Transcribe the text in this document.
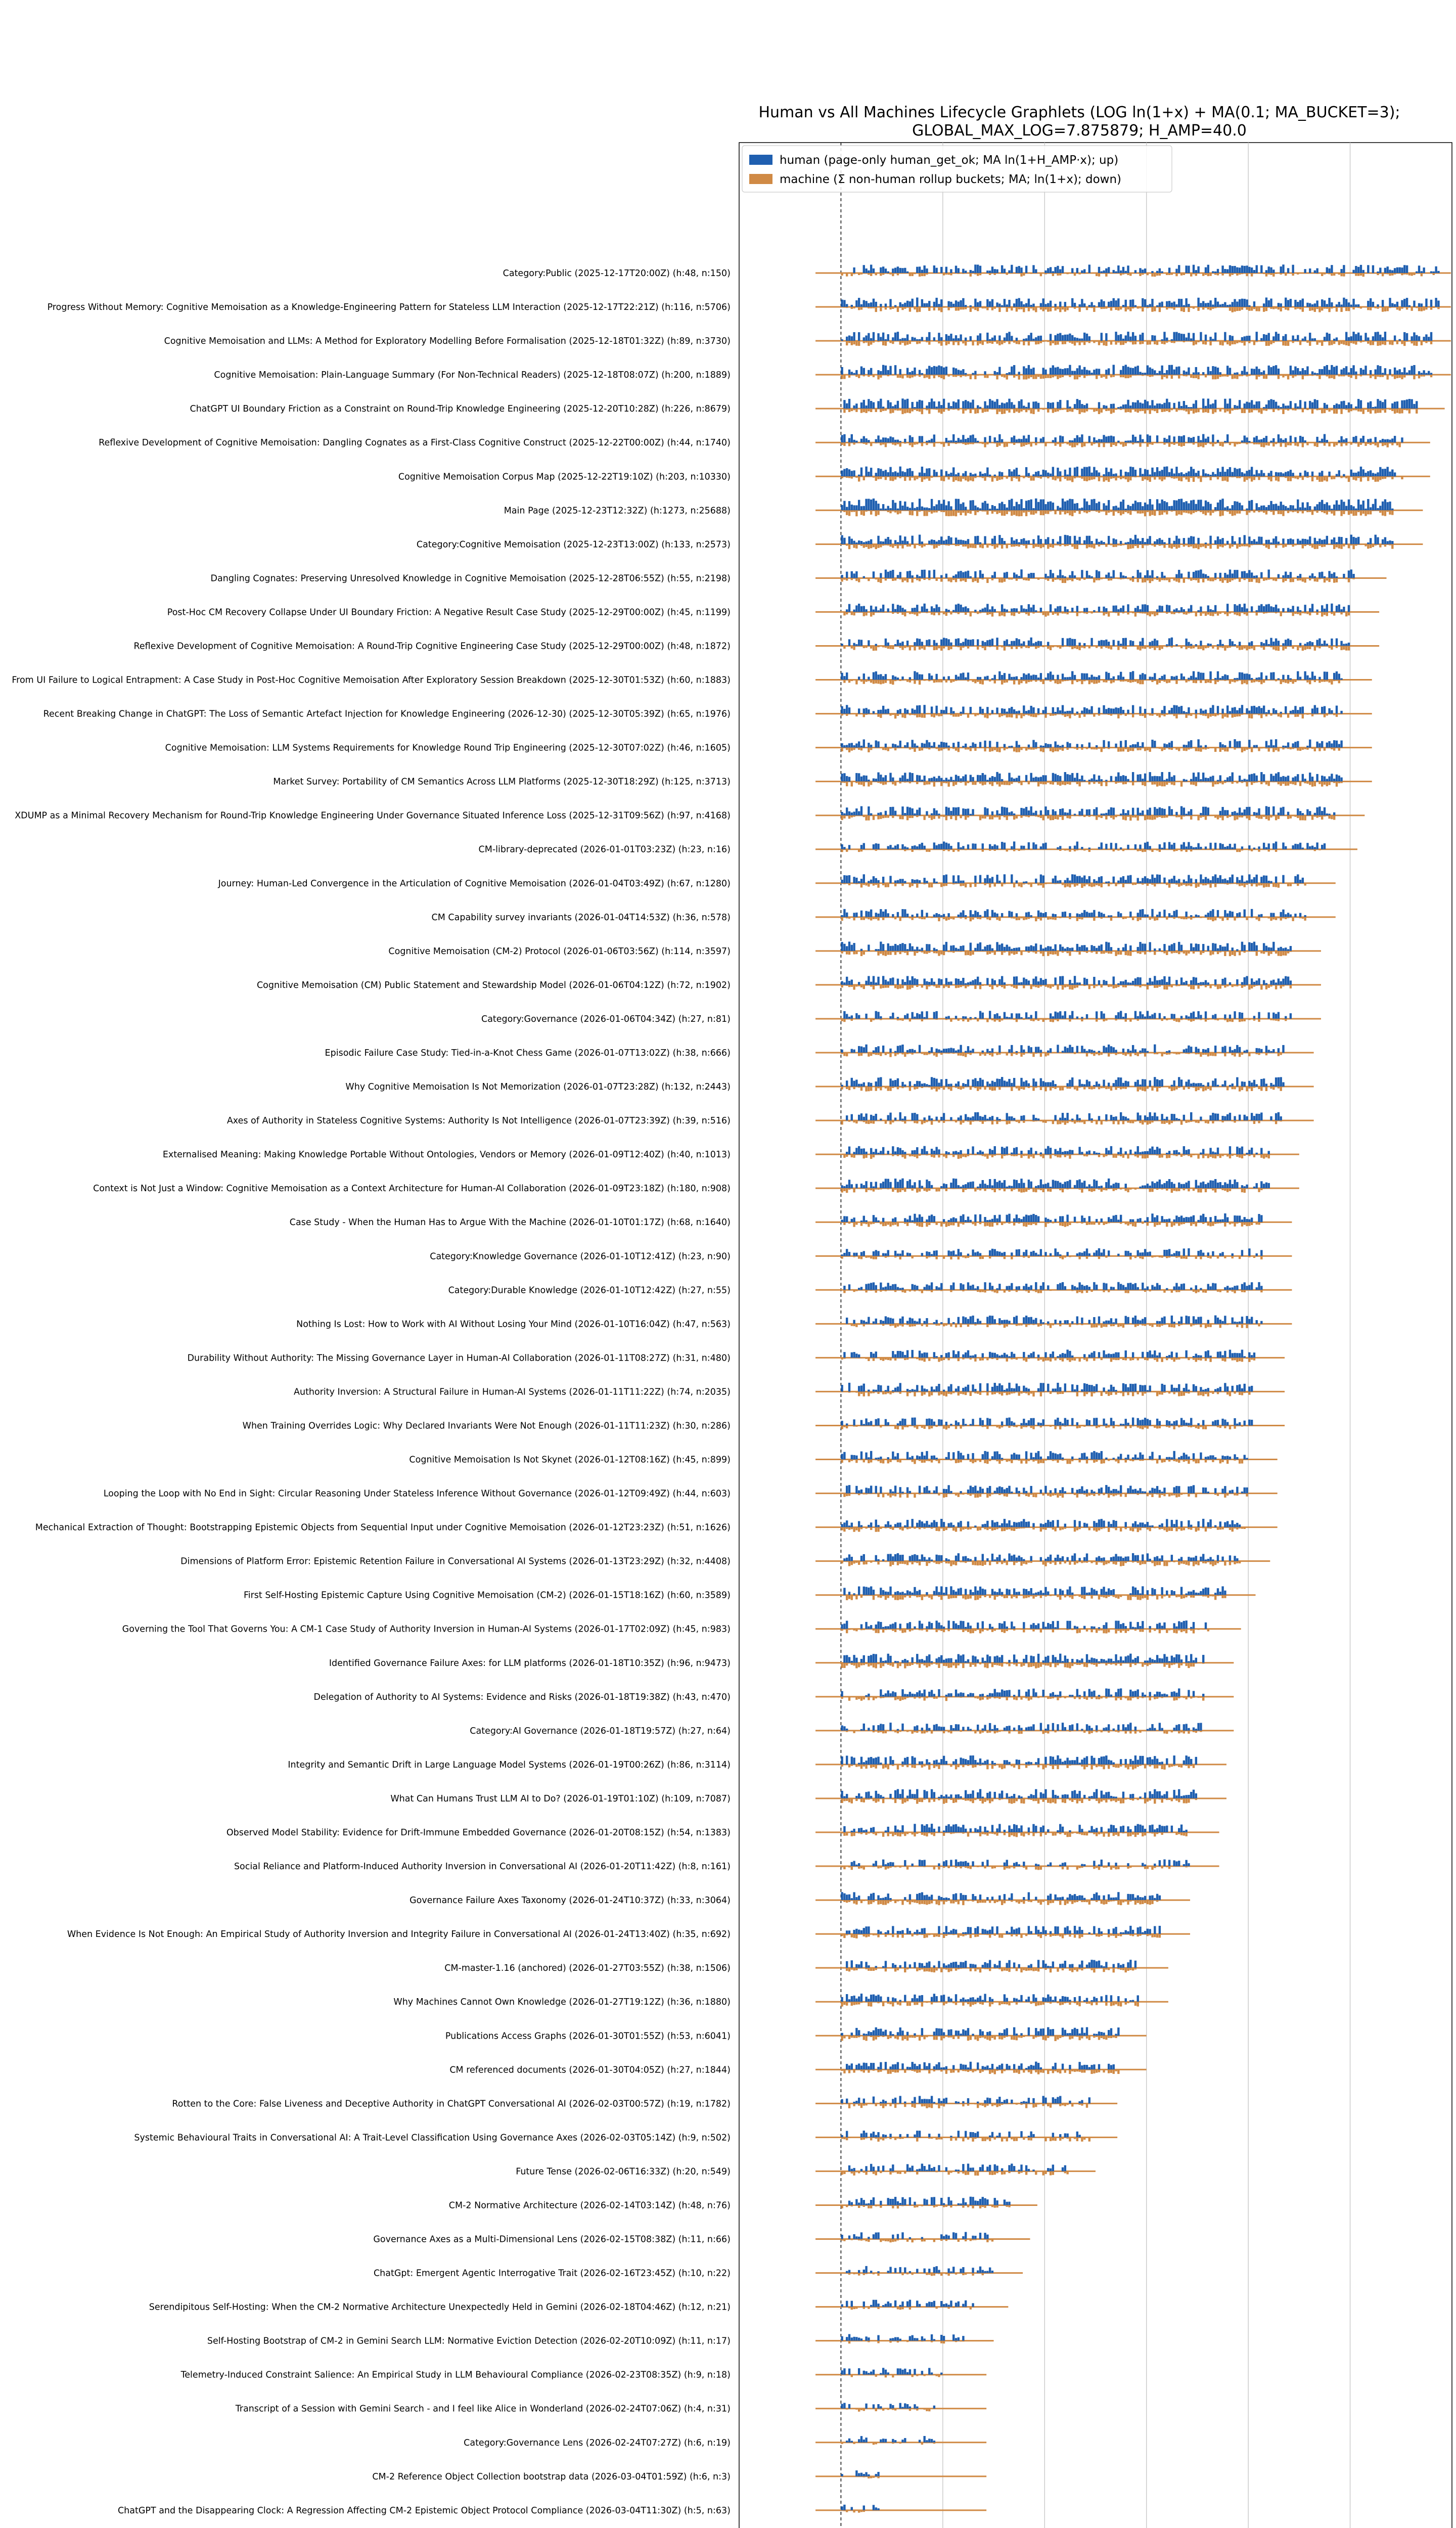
Human vs All Machines Lifecycle Graphlets (LOG ln(1+x) + MA(0.1; MA_BUCKET=3);
GLOBAL_MAX_LOG=7.875879; H_AMP=40.0
Category:Public (2025-12-17T20:00Z) (h:48, n:150)
Progress Without Memory: Cognitive Memoisation as a Knowledge-Engineering Pattern for Stateless LLM Interaction (2025-12-17T22:21Z) (h:116, n:5706)
Cognitive Memoisation and LLMs: A Method for Exploratory Modelling Before Formalisation (2025-12-18T01:32Z) (h:89, n:3730)
Cognitive Memoisation: Plain-Language Summary (For Non-Technical Readers) (2025-12-18T08:07Z) (h:200, n:1889)
ChatGPT UI Boundary Friction as a Constraint on Round-Trip Knowledge Engineering (2025-12-20T10:28Z) (h:226, n:8679)
Reflexive Development of Cognitive Memoisation: Dangling Cognates as a First-Class Cognitive Construct (2025-12-22T00:00Z) (h:44, n:1740)
Cognitive Memoisation Corpus Map (2025-12-22T19:10Z) (h:203, n:10330)
Main Page (2025-12-23T12:32Z) (h:1273, n:25688)
Category:Cognitive Memoisation (2025-12-23T13:00Z) (h:133, n:2573)
Dangling Cognates: Preserving Unresolved Knowledge in Cognitive Memoisation (2025-12-28T06:55Z) (h:55, n:2198)
Post-Hoc CM Recovery Collapse Under UI Boundary Friction: A Negative Result Case Study (2025-12-29T00:00Z) (h:45, n:1199)
Reflexive Development of Cognitive Memoisation: A Round-Trip Cognitive Engineering Case Study (2025-12-29T00:00Z) (h:48, n:1872)
From UI Failure to Logical Entrapment: A Case Study in Post-Hoc Cognitive Memoisation After Exploratory Session Breakdown (2025-12-30T01:53Z) (h:60, n:1883)
Recent Breaking Change in ChatGPT: The Loss of Semantic Artefact Injection for Knowledge Engineering (2026-12-30) (2025-12-30T05:39Z) (h:65, n:1976)
Cognitive Memoisation: LLM Systems Requirements for Knowledge Round Trip Engineering (2025-12-30T07:02Z) (h:46, n:1605)
Market Survey: Portability of CM Semantics Across LLM Platforms (2025-12-30T18:29Z) (h:125, n:3713)
XDUMP as a Minimal Recovery Mechanism for Round-Trip Knowledge Engineering Under Governance Situated Inference Loss (2025-12-31T09:56Z) (h:97, n:4168)
CM-library-deprecated (2026-01-01T03:23Z) (h:23, n:16)
Journey: Human-Led Convergence in the Articulation of Cognitive Memoisation (2026-01-04T03:49Z) (h:67, n:1280)
CM Capability survey invariants (2026-01-04T14:53Z) (h:36, n:578)
Cognitive Memoisation (CM-2) Protocol (2026-01-06T03:56Z) (h:114, n:3597)
Cognitive Memoisation (CM) Public Statement and Stewardship Model (2026-01-06T04:12Z) (h:72, n:1902)
Category:Governance (2026-01-06T04:34Z) (h:27, n:81)
Episodic Failure Case Study: Tied-in-a-Knot Chess Game (2026-01-07T13:02Z) (h:38, n:666)
Why Cognitive Memoisation Is Not Memorization (2026-01-07T23:28Z) (h:132, n:2443)
Axes of Authority in Stateless Cognitive Systems: Authority Is Not Intelligence (2026-01-07T23:39Z) (h:39, n:516)
Externalised Meaning: Making Knowledge Portable Without Ontologies, Vendors or Memory (2026-01-09T12:40Z) (h:40, n:1013)
Context is Not Just a Window: Cognitive Memoisation as a Context Architecture for Human-AI Collaboration (2026-01-09T23:18Z) (h:180, n:908)
Case Study - When the Human Has to Argue With the Machine (2026-01-10T01:17Z) (h:68, n:1640)
Category:Knowledge Governance (2026-01-10T12:41Z) (h:23, n:90)
Category:Durable Knowledge (2026-01-10T12:42Z) (h:27, n:55)
Nothing Is Lost: How to Work with AI Without Losing Your Mind (2026-01-10T16:04Z) (h:47, n:563)
Durability Without Authority: The Missing Governance Layer in Human-AI Collaboration (2026-01-11T08:27Z) (h:31, n:480)
Authority Inversion: A Structural Failure in Human-AI Systems (2026-01-11T11:22Z) (h:74, n:2035)
When Training Overrides Logic: Why Declared Invariants Were Not Enough (2026-01-11T11:23Z) (h:30, n:286)
Cognitive Memoisation Is Not Skynet (2026-01-12T08:16Z) (h:45, n:899)
Looping the Loop with No End in Sight: Circular Reasoning Under Stateless Inference Without Governance (2026-01-12T09:49Z) (h:44, n:603)
Mechanical Extraction of Thought: Bootstrapping Epistemic Objects from Sequential Input under Cognitive Memoisation (2026-01-12T23:23Z) (h:51, n:1626)
Dimensions of Platform Error: Epistemic Retention Failure in Conversational AI Systems (2026-01-13T23:29Z) (h:32, n:4408)
First Self-Hosting Epistemic Capture Using Cognitive Memoisation (CM-2) (2026-01-15T18:16Z) (h:60, n:3589)
Governing the Tool That Governs You: A CM-1 Case Study of Authority Inversion in Human-AI Systems (2026-01-17T02:09Z) (h:45, n:983)
Identified Governance Failure Axes: for LLM platforms (2026-01-18T10:35Z) (h:96, n:9473)
Delegation of Authority to AI Systems: Evidence and Risks (2026-01-18T19:38Z) (h:43, n:470)
Category:AI Governance (2026-01-18T19:57Z) (h:27, n:64)
Integrity and Semantic Drift in Large Language Model Systems (2026-01-19T00:26Z) (h:86, n:3114)
What Can Humans Trust LLM AI to Do? (2026-01-19T01:10Z) (h:109, n:7087)
Observed Model Stability: Evidence for Drift-Immune Embedded Governance (2026-01-20T08:15Z) (h:54, n:1383)
Social Reliance and Platform-Induced Authority Inversion in Conversational AI (2026-01-20T11:42Z) (h:8, n:161)
Governance Failure Axes Taxonomy (2026-01-24T10:37Z) (h:33, n:3064)
When Evidence Is Not Enough: An Empirical Study of Authority Inversion and Integrity Failure in Conversational AI (2026-01-24T13:40Z) (h:35, n:692)
CM-master-1.16 (anchored) (2026-01-27T03:55Z) (h:38, n:1506)
Why Machines Cannot Own Knowledge (2026-01-27T19:12Z) (h:36, n:1880)
Publications Access Graphs (2026-01-30T01:55Z) (h:53, n:6041)
CM referenced documents (2026-01-30T04:05Z) (h:27, n:1844)
Rotten to the Core: False Liveness and Deceptive Authority in ChatGPT Conversational AI (2026-02-03T00:57Z) (h:19, n:1782)
Systemic Behavioural Traits in Conversational AI: A Trait-Level Classification Using Governance Axes (2026-02-03T05:14Z) (h:9, n:502)
Future Tense (2026-02-06T16:33Z) (h:20, n:549)
CM-2 Normative Architecture (2026-02-14T03:14Z) (h:48, n:76)
Governance Axes as a Multi-Dimensional Lens (2026-02-15T08:38Z) (h:11, n:66)
ChatGpt: Emergent Agentic Interrogative Trait (2026-02-16T23:45Z) (h:10, n:22)
Serendipitous Self-Hosting: When the CM-2 Normative Architecture Unexpectedly Held in Gemini (2026-02-18T04:46Z) (h:12, n:21)
Self-Hosting Bootstrap of CM-2 in Gemini Search LLM: Normative Eviction Detection (2026-02-20T10:09Z) (h:11, n:17)
Telemetry-Induced Constraint Salience: An Empirical Study in LLM Behavioural Compliance (2026-02-23T08:35Z) (h:9, n:18)
Transcript of a Session with Gemini Search - and I feel like Alice in Wonderland (2026-02-24T07:06Z) (h:4, n:31)
Category:Governance Lens (2026-02-24T07:27Z) (h:6, n:19)
CM-2 Reference Object Collection bootstrap data (2026-03-04T01:59Z) (h:6, n:3)
ChatGPT and the Disappearing Clock: A Regression Affecting CM-2 Epistemic Object Protocol Compliance (2026-03-04T11:30Z) (h:5, n:63)
human (page-only human_get_ok; MA ln(1+H_AMP·x); up)
machine (Σ non-human rollup buckets; MA; ln(1+x); down)
